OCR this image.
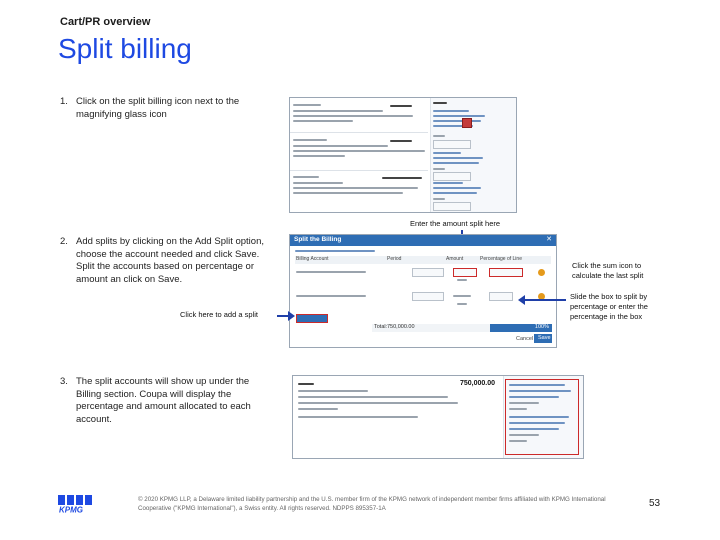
Cart/PR overview
Split billing
1. Click on the split billing icon next to the magnifying glass icon
Enter the amount split here
2. Add splits by clicking on the Add Split option, choose the account needed and click Save. Split the accounts based on percentage or amount an click on Save.
Split the Billing	✕
Billing Account	Period	Amount	Percentage of Line
Total: 750,000.00	100%
Cancel Save
Click the sum icon to calculate the last split
Slide the box to split by percentage or enter the percentage in the box
Click here to add a split
3. The split accounts will show up under the Billing section. Coupa will display the percentage and amount allocated to each account.
750,000.00
KPMG
© 2020 KPMG LLP, a Delaware limited liability partnership and the U.S. member firm of the KPMG network of independent member firms affiliated with KPMG International Cooperative ("KPMG International"), a Swiss entity. All rights reserved. NDPPS 895357-1A	53
